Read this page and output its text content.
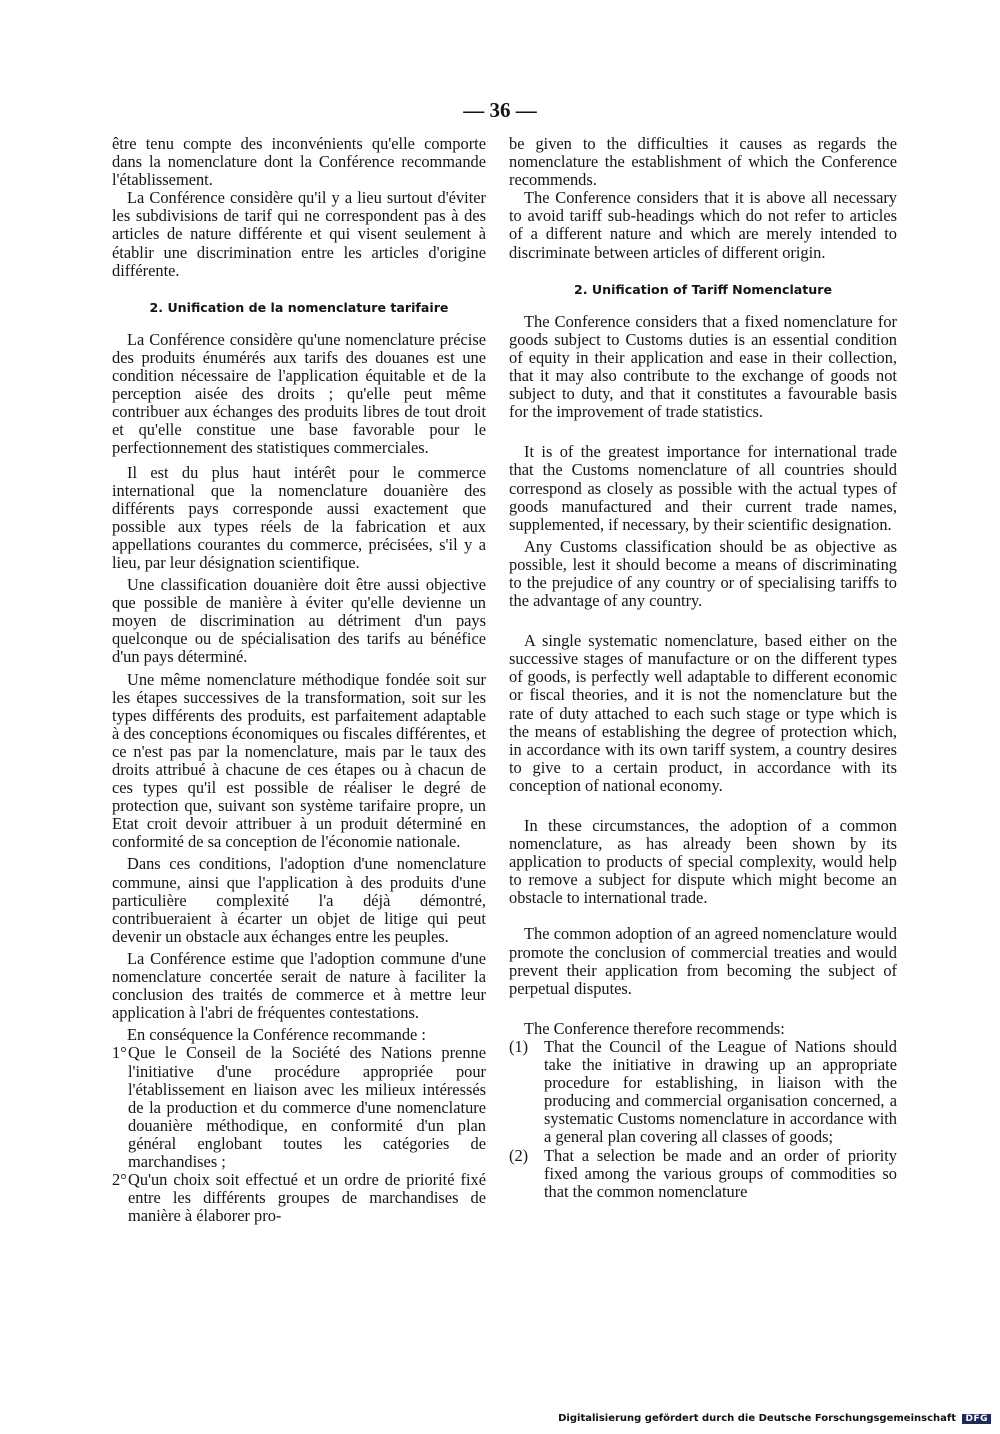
— 36 —

être tenu compte des inconvénients qu'elle comporte dans la nomenclature dont la Conférence recommande l'établissement.

La Conférence considère qu'il y a lieu surtout d'éviter les subdivisions de tarif qui ne correspondent pas à des articles de nature différente et qui visent seulement à établir une discrimination entre les articles d'origine différente.

2. Unification de la nomenclature tarifaire

La Conférence considère qu'une nomenclature précise des produits énumérés aux tarifs des douanes est une condition nécessaire de l'application équitable et de la perception aisée des droits ; qu'elle peut même contribuer aux échanges des produits libres de tout droit et qu'elle constitue une base favorable pour le perfectionnement des statistiques commerciales.

Il est du plus haut intérêt pour le commerce international que la nomenclature douanière des différents pays corresponde aussi exactement que possible aux types réels de la fabrication et aux appellations courantes du commerce, précisées, s'il y a lieu, par leur désignation scientifique.

Une classification douanière doit être aussi objective que possible de manière à éviter qu'elle devienne un moyen de discrimination au détriment d'un pays quelconque ou de spécialisation des tarifs au bénéfice d'un pays déterminé.

Une même nomenclature méthodique fondée soit sur les étapes successives de la transformation, soit sur les types différents des produits, est parfaitement adaptable à des conceptions économiques ou fiscales différentes, et ce n'est pas par la nomenclature, mais par le taux des droits attribué à chacune de ces étapes ou à chacun de ces types qu'il est possible de réaliser le degré de protection que, suivant son système tarifaire propre, un Etat croit devoir attribuer à un produit déterminé en conformité de sa conception de l'économie nationale.

Dans ces conditions, l'adoption d'une nomenclature commune, ainsi que l'application à des produits d'une particulière complexité l'a déjà démontré, contribueraient à écarter un objet de litige qui peut devenir un obstacle aux échanges entre les peuples.

La Conférence estime que l'adoption commune d'une nomenclature concertée serait de nature à faciliter la conclusion des traités de commerce et à mettre leur application à l'abri de fréquentes contestations.

En conséquence la Conférence recommande :

1° Que le Conseil de la Société des Nations prenne l'initiative d'une procédure appropriée pour l'établissement en liaison avec les milieux intéressés de la production et du commerce d'une nomenclature douanière méthodique, en conformité d'un plan général englobant toutes les catégories de marchandises ;
2° Qu'un choix soit effectué et un ordre de priorité fixé entre les différents groupes de marchandises de manière à élaborer pro-

be given to the difficulties it causes as regards the nomenclature the establishment of which the Conference recommends.

The Conference considers that it is above all necessary to avoid tariff sub-headings which do not refer to articles of a different nature and which are merely intended to discriminate between articles of different origin.

2. Unification of Tariff Nomenclature

The Conference considers that a fixed nomenclature for goods subject to Customs duties is an essential condition of equity in their application and ease in their collection, that it may also contribute to the exchange of goods not subject to duty, and that it constitutes a favourable basis for the improvement of trade statistics.

It is of the greatest importance for international trade that the Customs nomenclature of all countries should correspond as closely as possible with the actual types of goods manufactured and their current trade names, supplemented, if necessary, by their scientific designation.

Any Customs classification should be as objective as possible, lest it should become a means of discriminating to the prejudice of any country or of specialising tariffs to the advantage of any country.

A single systematic nomenclature, based either on the successive stages of manufacture or on the different types of goods, is perfectly well adaptable to different economic or fiscal theories, and it is not the nomenclature but the rate of duty attached to each such stage or type which is the means of establishing the degree of protection which, in accordance with its own tariff system, a country desires to give to a certain product, in accordance with its conception of national economy.

In these circumstances, the adoption of a common nomenclature, as has already been shown by its application to products of special complexity, would help to remove a subject for dispute which might become an obstacle to international trade.

The common adoption of an agreed nomenclature would promote the conclusion of commercial treaties and would prevent their application from becoming the subject of perpetual disputes.

The Conference therefore recommends:

(1) That the Council of the League of Nations should take the initiative in drawing up an appropriate procedure for establishing, in liaison with the producing and commercial organisation concerned, a systematic Customs nomenclature in accordance with a general plan covering all classes of goods;
(2) That a selection be made and an order of priority fixed among the various groups of commodities so that the common nomenclature
Digitalisierung gefördert durch die Deutsche Forschungsgemeinschaft DFG
